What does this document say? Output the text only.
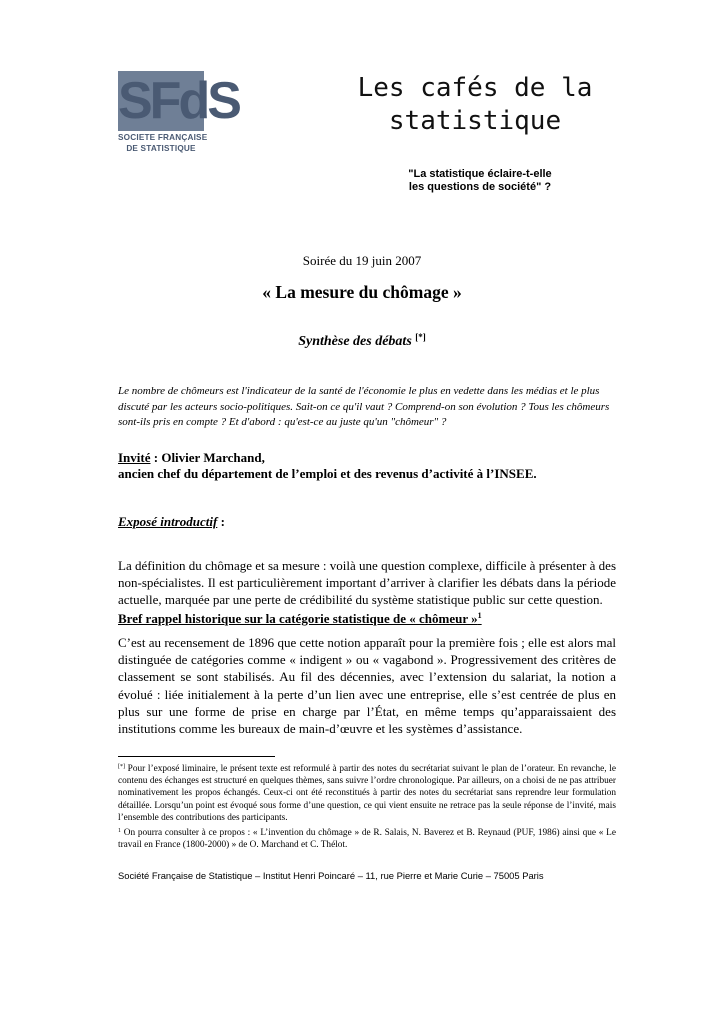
SFdS
SOCIETE FRANÇAISE
DE STATISTIQUE
Les cafés de la statistique
"La statistique éclaire-t-elle les questions de société" ?
Soirée du 19 juin 2007
« La mesure du chômage »
Synthèse des débats [*]
Le nombre de chômeurs est l'indicateur de la santé de l'économie le plus en vedette dans les médias et le plus discuté par les acteurs socio-politiques. Sait-on ce qu'il vaut ? Comprend-on son évolution ? Tous les chômeurs sont-ils pris en compte ? Et d'abord : qu'est-ce au juste qu'un "chômeur" ?
Invité : Olivier Marchand,
ancien chef du département de l’emploi et des revenus d’activité à l’INSEE.
Exposé introductif :
La définition du chômage et sa mesure : voilà une question complexe, difficile à présenter à des non-spécialistes. Il est particulièrement important d’arriver à clarifier les débats dans la période actuelle, marquée par une perte de crédibilité du système statistique public sur cette question.
Bref rappel historique sur la catégorie statistique de « chômeur »$^1$
C’est au recensement de 1896 que cette notion apparaît pour la première fois ; elle est alors mal distinguée de catégories comme « indigent » ou « vagabond ». Progressivement des critères de classement se sont stabilisés. Au fil des décennies, avec l’extension du salariat, la notion a évolué : liée initialement à la perte d’un lien avec une entreprise, elle s’est centrée de plus en plus sur une forme de prise en charge par l’État, en même temps qu’apparaissaient des institutions comme les bureaux de main-d’œuvre et les systèmes d’assistance.
[*] Pour l’exposé liminaire, le présent texte est reformulé à partir des notes du secrétariat suivant le plan de l’orateur. En revanche, le contenu des échanges est structuré en quelques thèmes, sans suivre l’ordre chronologique. Par ailleurs, on a choisi de ne pas attribuer nominativement les propos échangés. Ceux-ci ont été reconstitués à partir des notes du secrétariat sans reprendre leur formulation détaillée. Lorsqu’un point est évoqué sous forme d’une question, ce qui vient ensuite ne retrace pas la seule réponse de l’invité, mais l’ensemble des contributions des participants.
$^1$ On pourra consulter à ce propos : « L’invention du chômage » de R. Salais, N. Baverez et B. Reynaud (PUF, 1986) ainsi que « Le travail en France (1800-2000) » de O. Marchand et C. Thélot.
Société Française de Statistique – Institut Henri Poincaré – 11, rue Pierre et Marie Curie – 75005 Paris
